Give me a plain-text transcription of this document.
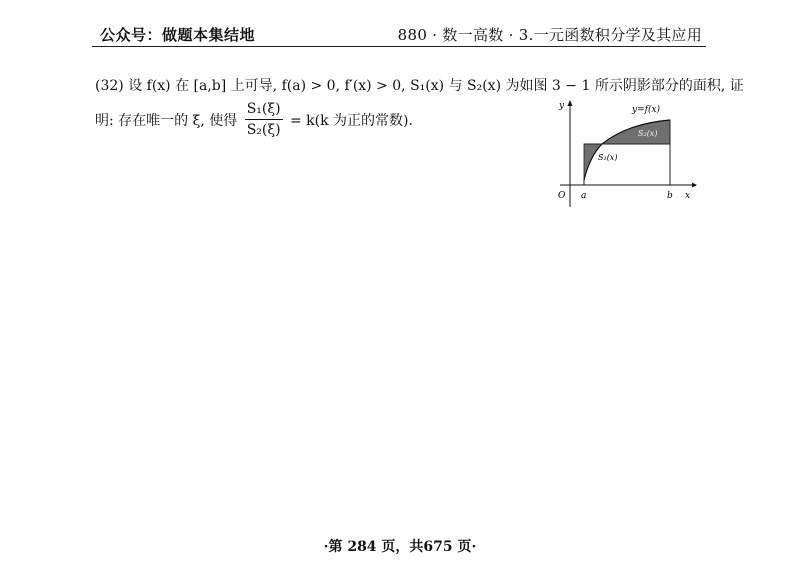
公众号：做题本集结地	880 · 数一高数 · 3.一元函数积分学及其应用
(32) 设 f(x) 在 [a,b] 上可导, f(a) > 0, f′(x) > 0, S₁(x) 与 S₂(x) 为如图 3 − 1 所示阴影部分的面积, 证
明: 存在唯一的 ξ, 使得 $\frac{\text{S₁(ξ)}}{\text{S₂(ξ)}} = k(k$ 为正的常数).
y=f(x)
S₂(x)
S₁(x)
y
x
O a	b
·第 284 页，共675 页·
